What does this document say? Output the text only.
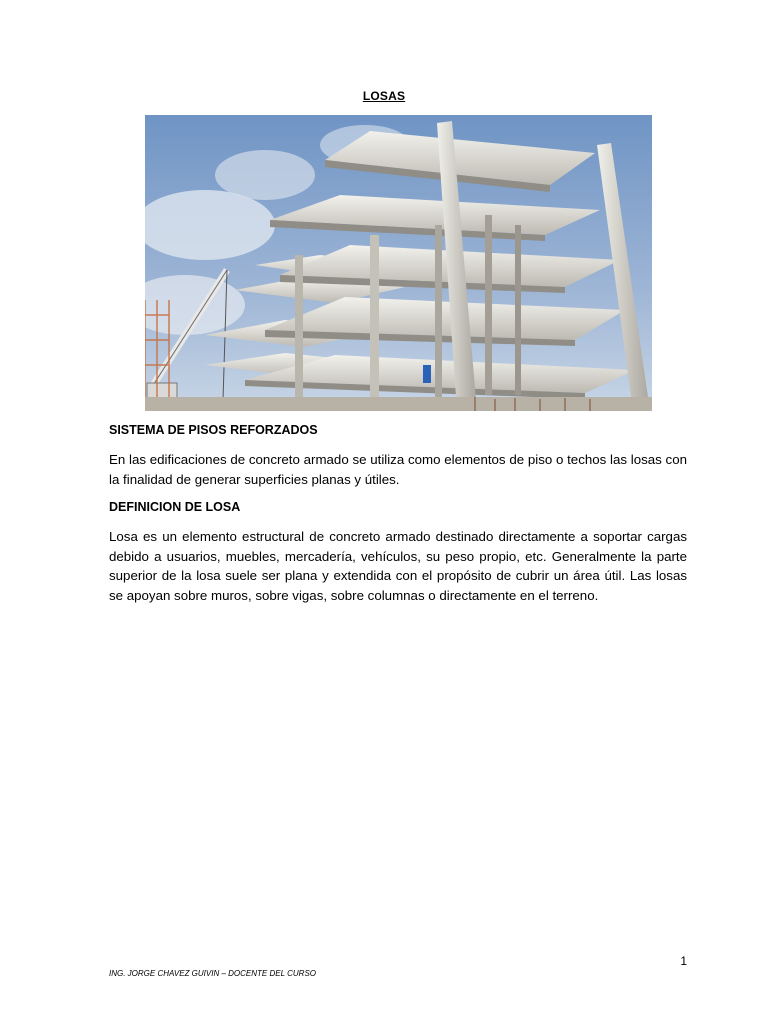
LOSAS
SISTEMA DE PISOS REFORZADOS
En las edificaciones de concreto armado se utiliza como elementos de piso o techos las losas con la finalidad de generar superficies planas y útiles.
DEFINICION DE LOSA
Losa es un elemento estructural de concreto armado destinado directamente a soportar cargas debido a usuarios, muebles, mercadería, vehículos, su peso propio, etc. Generalmente la parte superior de la losa suele ser plana y extendida con el propósito de cubrir un área útil. Las losas se apoyan sobre muros, sobre vigas, sobre columnas o directamente en el terreno.
1
ING. JORGE CHAVEZ GUIVIN – DOCENTE DEL CURSO
